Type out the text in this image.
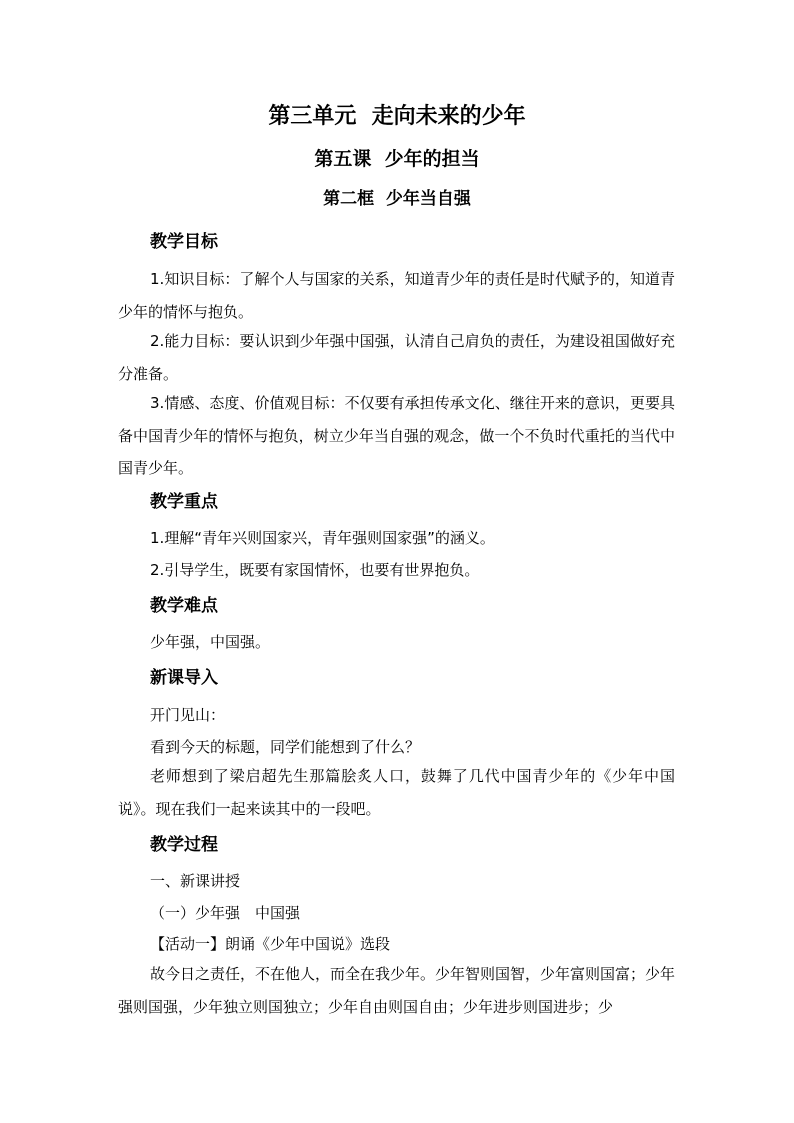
第三单元  走向未来的少年
第五课  少年的担当
第二框  少年当自强
教学目标
1.知识目标：了解个人与国家的关系，知道青少年的责任是时代赋予的，知道青少年的情怀与抱负。
2.能力目标：要认识到少年强中国强，认清自己肩负的责任，为建设祖国做好充分准备。
3.情感、态度、价值观目标：不仅要有承担传承文化、继往开来的意识，更要具备中国青少年的情怀与抱负，树立少年当自强的观念，做一个不负时代重托的当代中国青少年。
教学重点
1.理解“青年兴则国家兴，青年强则国家强”的涵义。
2.引导学生，既要有家国情怀，也要有世界抱负。
教学难点
少年强，中国强。
新课导入
开门见山：
看到今天的标题，同学们能想到了什么？
老师想到了梁启超先生那篇脍炙人口，鼓舞了几代中国青少年的《少年中国说》。现在我们一起来读其中的一段吧。
教学过程
一、新课讲授
（一）少年强　中国强
【活动一】朗诵《少年中国说》选段
故今日之责任，不在他人，而全在我少年。少年智则国智，少年富则国富；少年强则国强，少年独立则国独立；少年自由则国自由；少年进步则国进步；少
